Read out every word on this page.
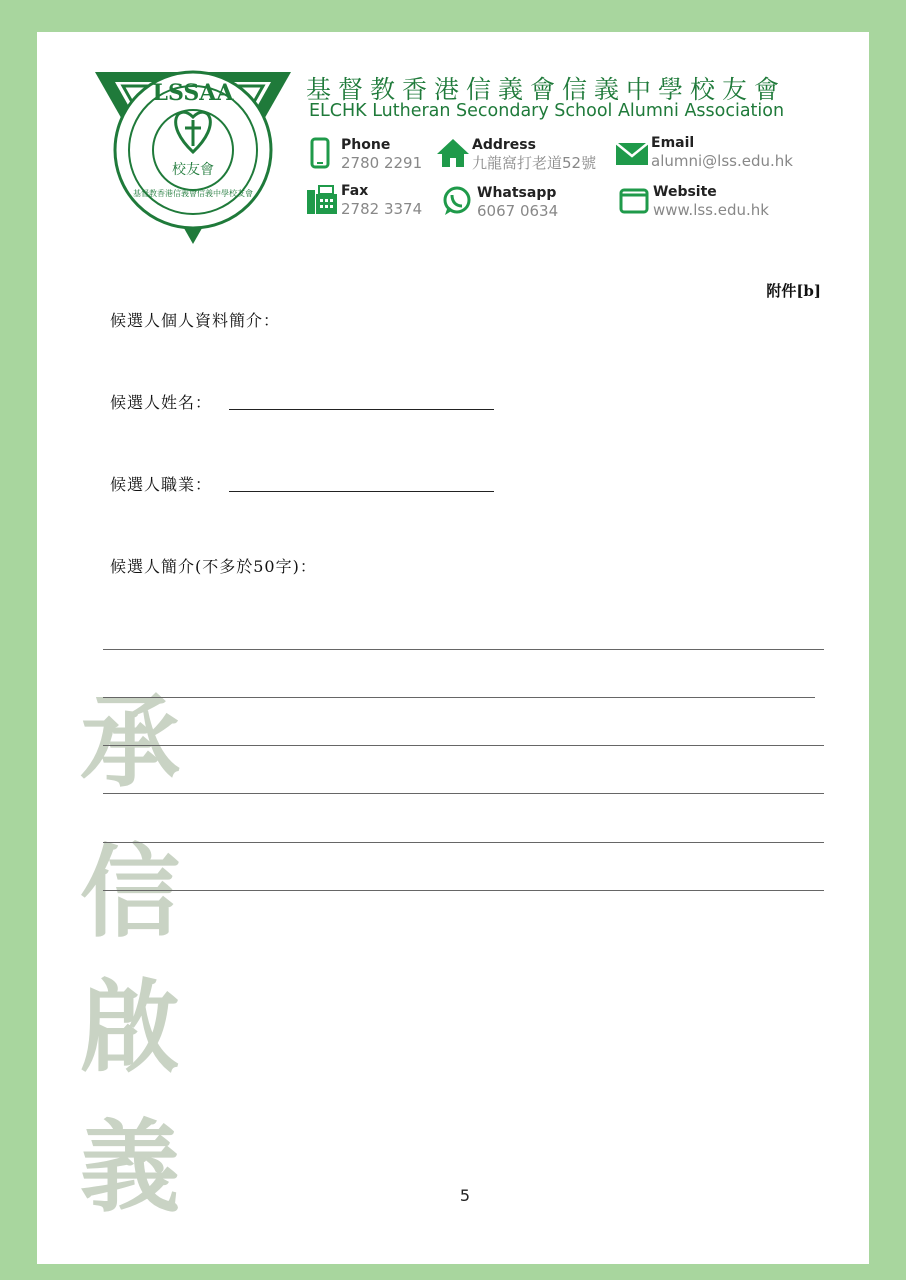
LSSAA
校友會
基督教香港信義會信義中學校友會
基督教香港信義會信義中學校友會
ELCHK Lutheran Secondary School Alumni Association
Phone
2780 2291
Address
九龍窩打老道52號
Email
alumni@lss.edu.hk
Fax
2782 3374
Whatsapp
6067 0634
Website
www.lss.edu.hk
附件[b]
候選人個人資料簡介：
候選人姓名：
候選人職業：
候選人簡介(不多於50字)：
承
信
啟
義	5
